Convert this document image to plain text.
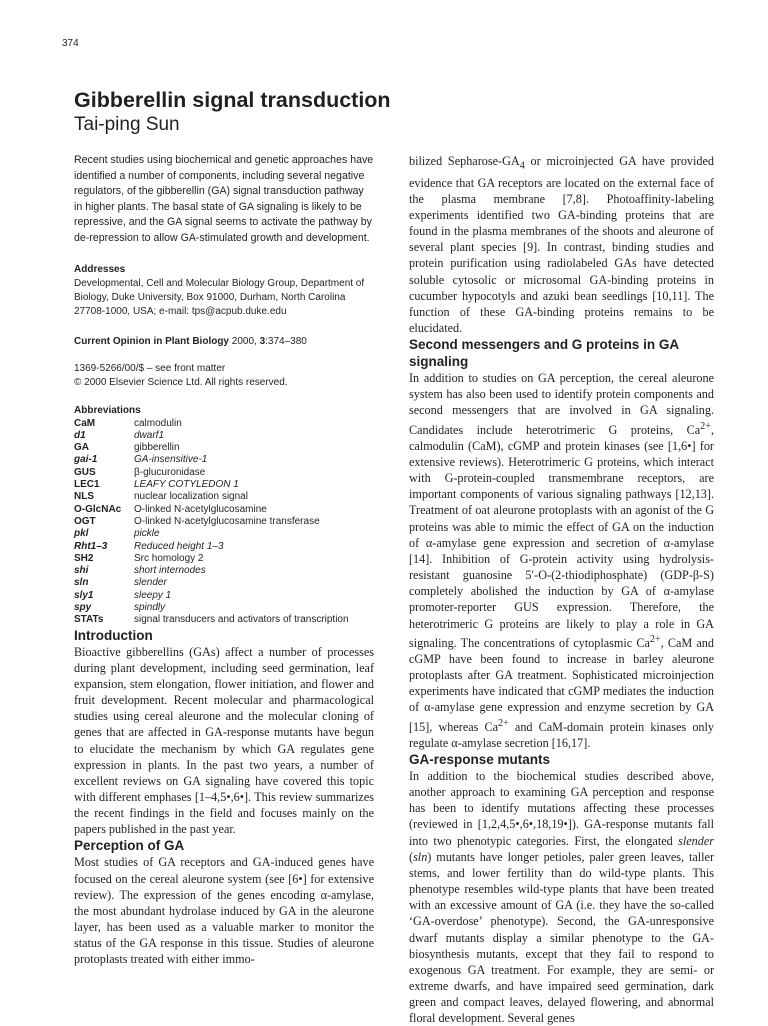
374
Gibberellin signal transduction
Tai-ping Sun

Recent studies using biochemical and genetic approaches have identified a number of components, including several negative regulators, of the gibberellin (GA) signal transduction pathway in higher plants. The basal state of GA signaling is likely to be repressive, and the GA signal seems to activate the pathway by de-repression to allow GA-stimulated growth and development.

Addresses

Developmental, Cell and Molecular Biology Group, Department of Biology, Duke University, Box 91000, Durham, North Carolina 27708-1000, USA; e-mail: tps@acpub.duke.edu

Current Opinion in Plant Biology 2000, 3:374–380
1369-5266/00/$ – see front matter
© 2000 Elsevier Science Ltd. All rights reserved.
Abbreviations
CaM	calmodulin
d1	dwarf1
GA	gibberellin
gai-1	GA-insensitive-1
GUS	β-glucuronidase
LEC1	LEAFY COTYLEDON 1
NLS	nuclear localization signal
O-GlcNAc	O-linked N-acetylglucosamine
OGT	O-linked N-acetylglucosamine transferase
pkl	pickle
Rht1–3	Reduced height 1–3
SH2	Src homology 2
shi	short internodes
sln	slender
sly1	sleepy 1
spy	spindly
STATs	signal transducers and activators of transcription
Introduction

Bioactive gibberellins (GAs) affect a number of processes during plant development, including seed germination, leaf expansion, stem elongation, flower initiation, and flower and fruit development. Recent molecular and pharmacological studies using cereal aleurone and the molecular cloning of genes that are affected in GA-response mutants have begun to elucidate the mechanism by which GA regulates gene expression in plants. In the past two years, a number of excellent reviews on GA signaling have covered this topic with different emphases [1–4,5•,6•]. This review summarizes the recent findings in the field and focuses mainly on the papers published in the past year.

Perception of GA

Most studies of GA receptors and GA-induced genes have focused on the cereal aleurone system (see [6•] for extensive review). The expression of the genes encoding α-amylase, the most abundant hydrolase induced by GA in the aleurone layer, has been used as a valuable marker to monitor the status of the GA response in this tissue. Studies of aleurone protoplasts treated with either immo-

bilized Sepharose-$GA_4$ or microinjected GA have provided evidence that GA receptors are located on the external face of the plasma membrane [7,8]. Photoaffinity-labeling experiments identified two GA-binding proteins that are found in the plasma membranes of the shoots and aleurone of several plant species [9]. In contrast, binding studies and protein purification using radiolabeled GAs have detected soluble cytosolic or microsomal GA-binding proteins in cucumber hypocotyls and azuki bean seedlings [10,11]. The function of these GA-binding proteins remains to be elucidated.

Second messengers and G proteins in GA signaling

In addition to studies on GA perception, the cereal aleurone system has also been used to identify protein components and second messengers that are involved in GA signaling. Candidates include heterotrimeric G proteins, $Ca^{2+}$, calmodulin (CaM), cGMP and protein kinases (see [1,6•] for extensive reviews). Heterotrimeric G proteins, which interact with G-protein-coupled transmembrane receptors, are important components of various signaling pathways [12,13]. Treatment of oat aleurone protoplasts with an agonist of the G proteins was able to mimic the effect of GA on the induction of α-amylase gene expression and secretion of α-amylase [14]. Inhibition of G-protein activity using hydrolysis-resistant guanosine 5′-O-(2-thiodiphosphate) (GDP-β-S) completely abolished the induction by GA of α-amylase promoter-reporter GUS expression. Therefore, the heterotrimeric G proteins are likely to play a role in GA signaling. The concentrations of cytoplasmic $Ca^{2+}$, CaM and cGMP have been found to increase in barley aleurone protoplasts after GA treatment. Sophisticated microinjection experiments have indicated that cGMP mediates the induction of α-amylase gene expression and enzyme secretion by GA [15], whereas $Ca^{2+}$ and CaM-domain protein kinases only regulate α-amylase secretion [16,17].

GA-response mutants

In addition to the biochemical studies described above, another approach to examining GA perception and response has been to identify mutations affecting these processes (reviewed in [1,2,4,5•,6•,18,19•]). GA-response mutants fall into two phenotypic categories. First, the elongated slender (sln) mutants have longer petioles, paler green leaves, taller stems, and lower fertility than do wild-type plants. This phenotype resembles wild-type plants that have been treated with an excessive amount of GA (i.e. they have the so-called ‘GA-overdose’ phenotype). Second, the GA-unresponsive dwarf mutants display a similar phenotype to the GA-biosynthesis mutants, except that they fail to respond to exogenous GA treatment. For example, they are semi- or extreme dwarfs, and have impaired seed germination, dark green and compact leaves, delayed flowering, and abnormal floral development. Several genes
